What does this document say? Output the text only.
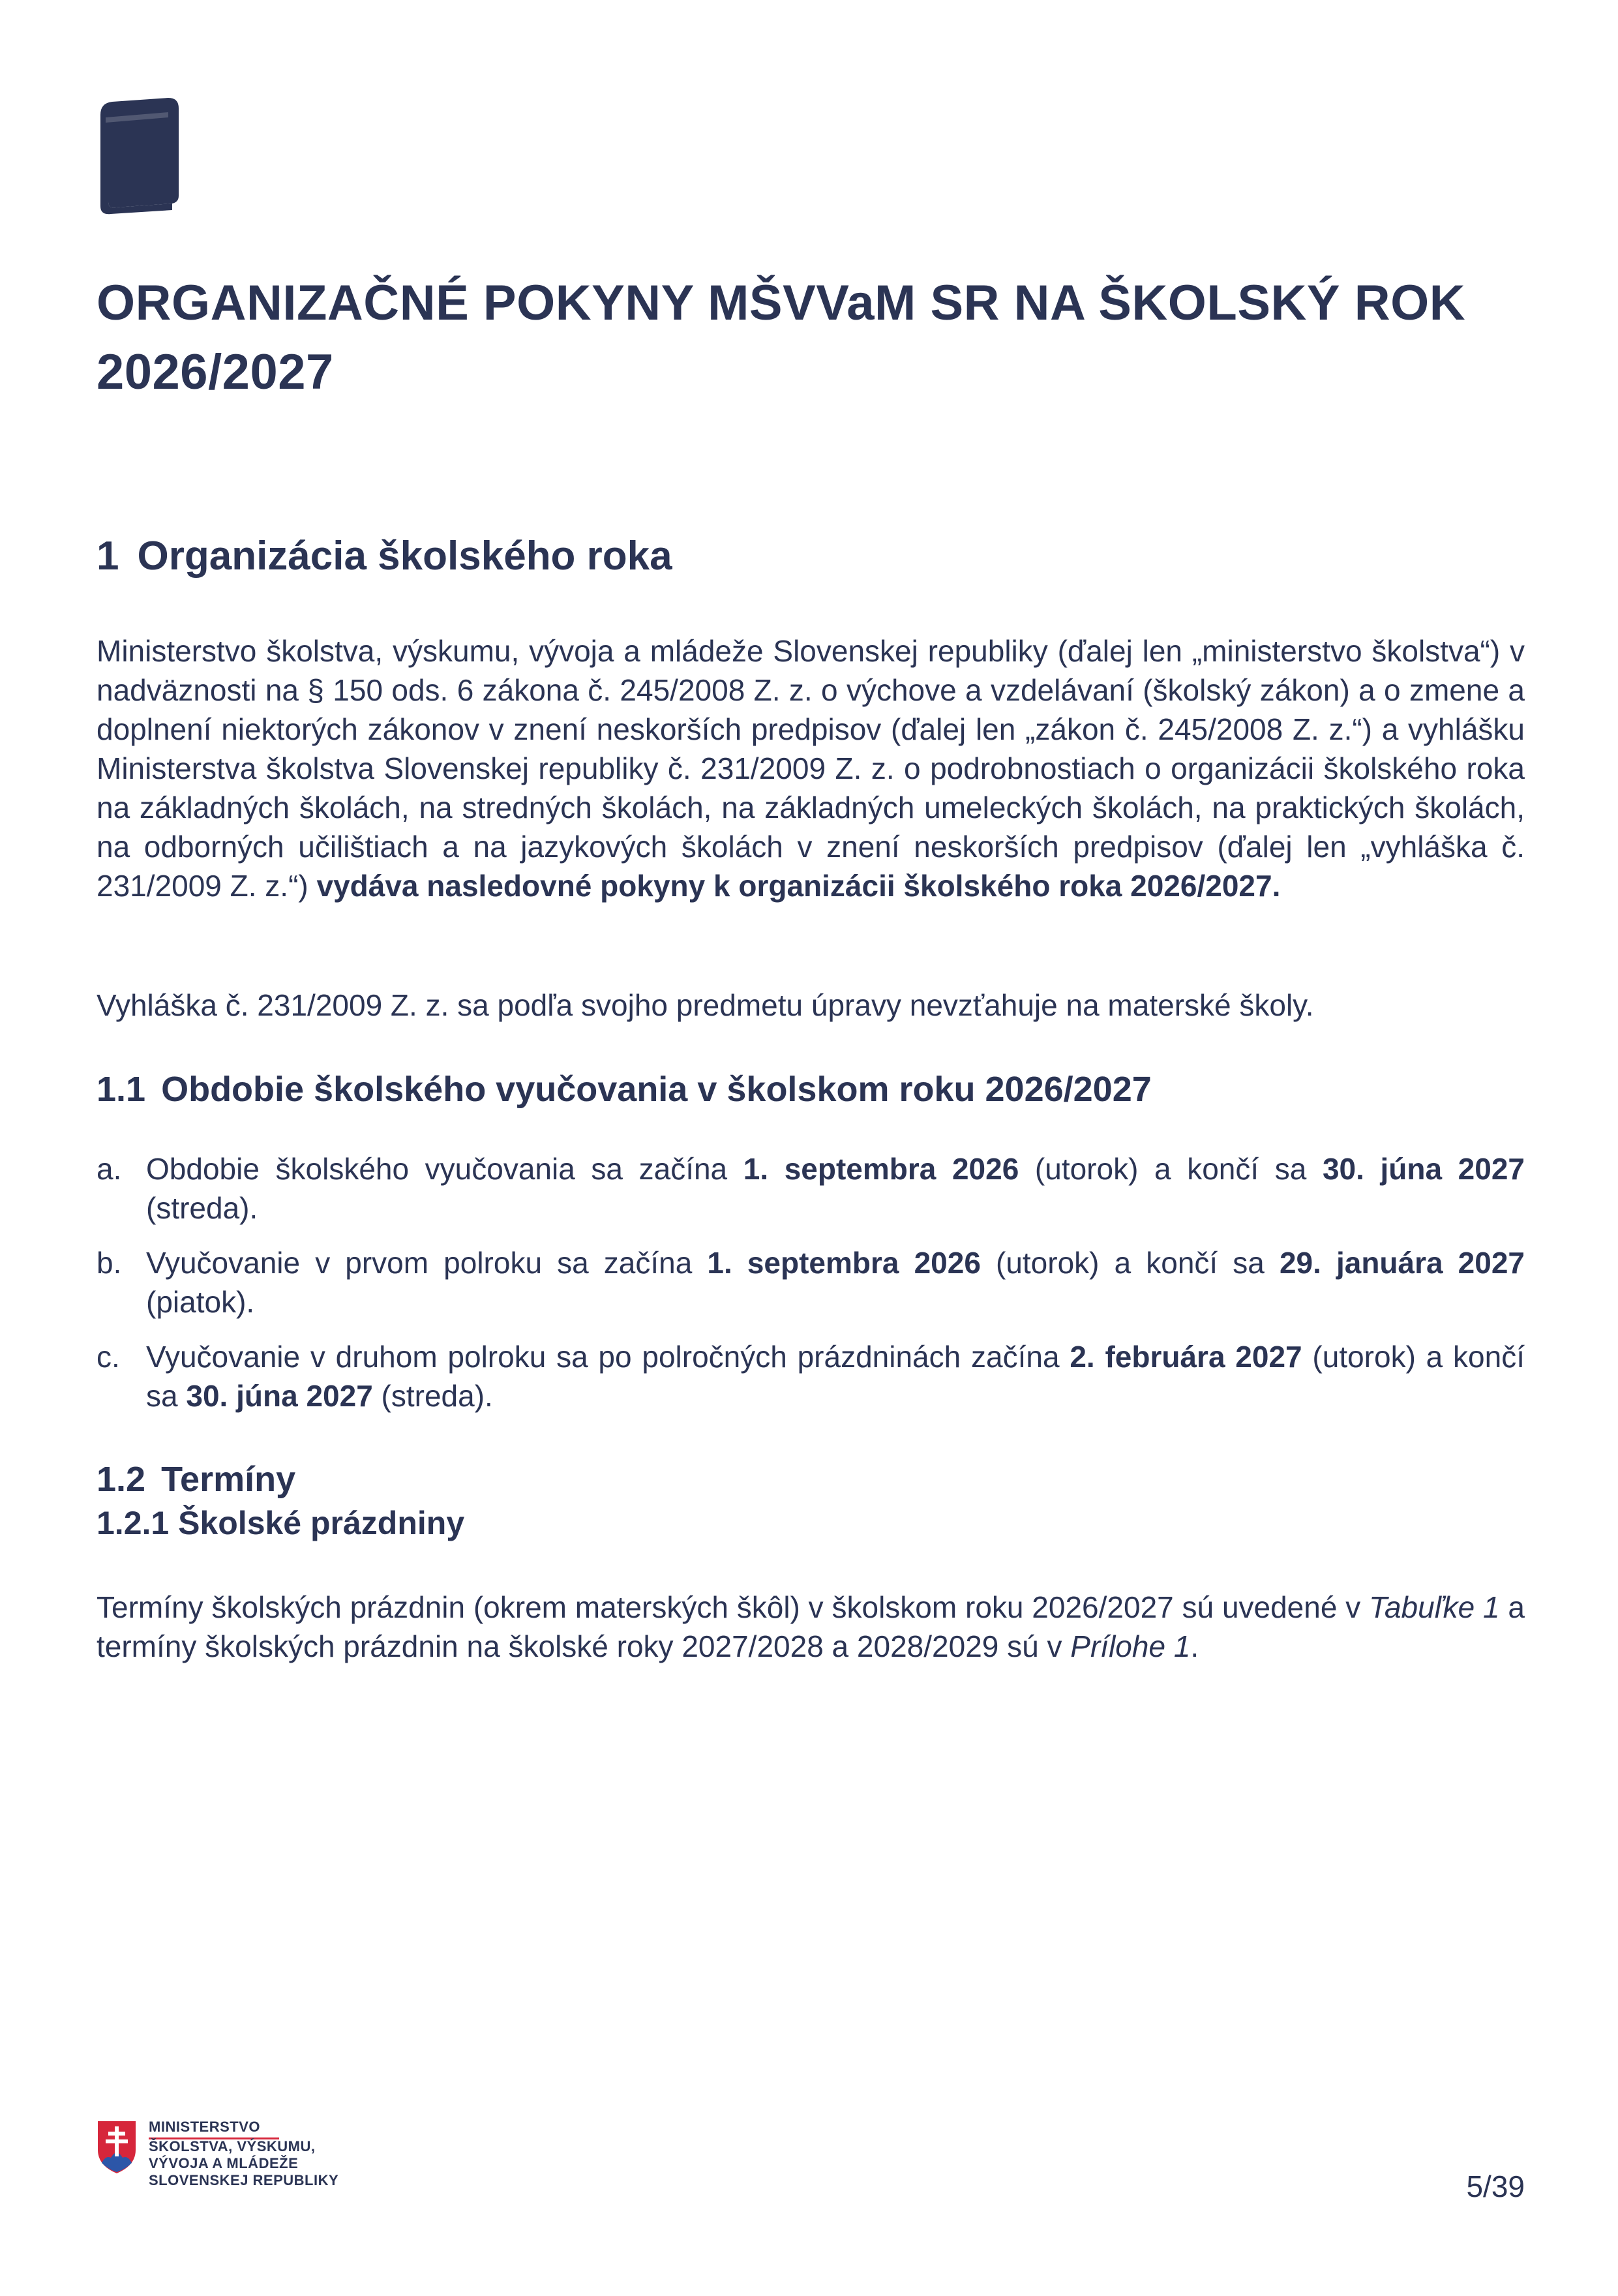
ORGANIZAČNÉ POKYNY MŠVVaM SR NA ŠKOLSKÝ ROK
2026/2027
1 Organizácia školského roka

Ministerstvo školstva, výskumu, vývoja a mládeže Slovenskej republiky (ďalej len „ministerstvo školstva“) v nadväznosti na § 150 ods. 6 zákona č. 245/2008 Z. z. o výchove a vzdelávaní (školský zákon) a o zmene a doplnení niektorých zákonov v znení neskorších predpisov (ďalej len „zákon č. 245/2008 Z. z.“) a vyhlášku Ministerstva školstva Slovenskej republiky č. 231/2009 Z. z. o podrobnostiach o organizácii školského roka na základných školách, na stredných školách, na základných umeleckých školách, na praktických školách, na odborných učilištiach a na jazykových školách v znení neskorších predpisov (ďalej len „vyhláška č. 231/2009 Z. z.“) vydáva nasledovné pokyny k organizácii školského roka 2026/2027.

Vyhláška č. 231/2009 Z. z. sa podľa svojho predmetu úpravy nevzťahuje na materské školy.

1.1 Obdobie školského vyučovania v školskom roku 2026/2027
a. Obdobie školského vyučovania sa začína 1. septembra 2026 (utorok) a končí sa 30. júna 2027 (streda).
b. Vyučovanie v prvom polroku sa začína 1. septembra 2026 (utorok) a končí sa 29. januára 2027 (piatok).
c. Vyučovanie v druhom polroku sa po polročných prázdninách začína 2. februára 2027 (utorok) a končí sa 30. júna 2027 (streda).
1.2 Termíny
1.2.1 Školské prázdniny

Termíny školských prázdnin (okrem materských škôl) v školskom roku 2026/2027 sú uvedené v Tabuľke 1 a termíny školských prázdnin na školské roky 2027/2028 a 2028/2029 sú v Prílohe 1.

MINISTERSTVO
ŠKOLSTVA, VÝSKUMU,
VÝVOJA A MLÁDEŽE
SLOVENSKEJ REPUBLIKY	5/39
